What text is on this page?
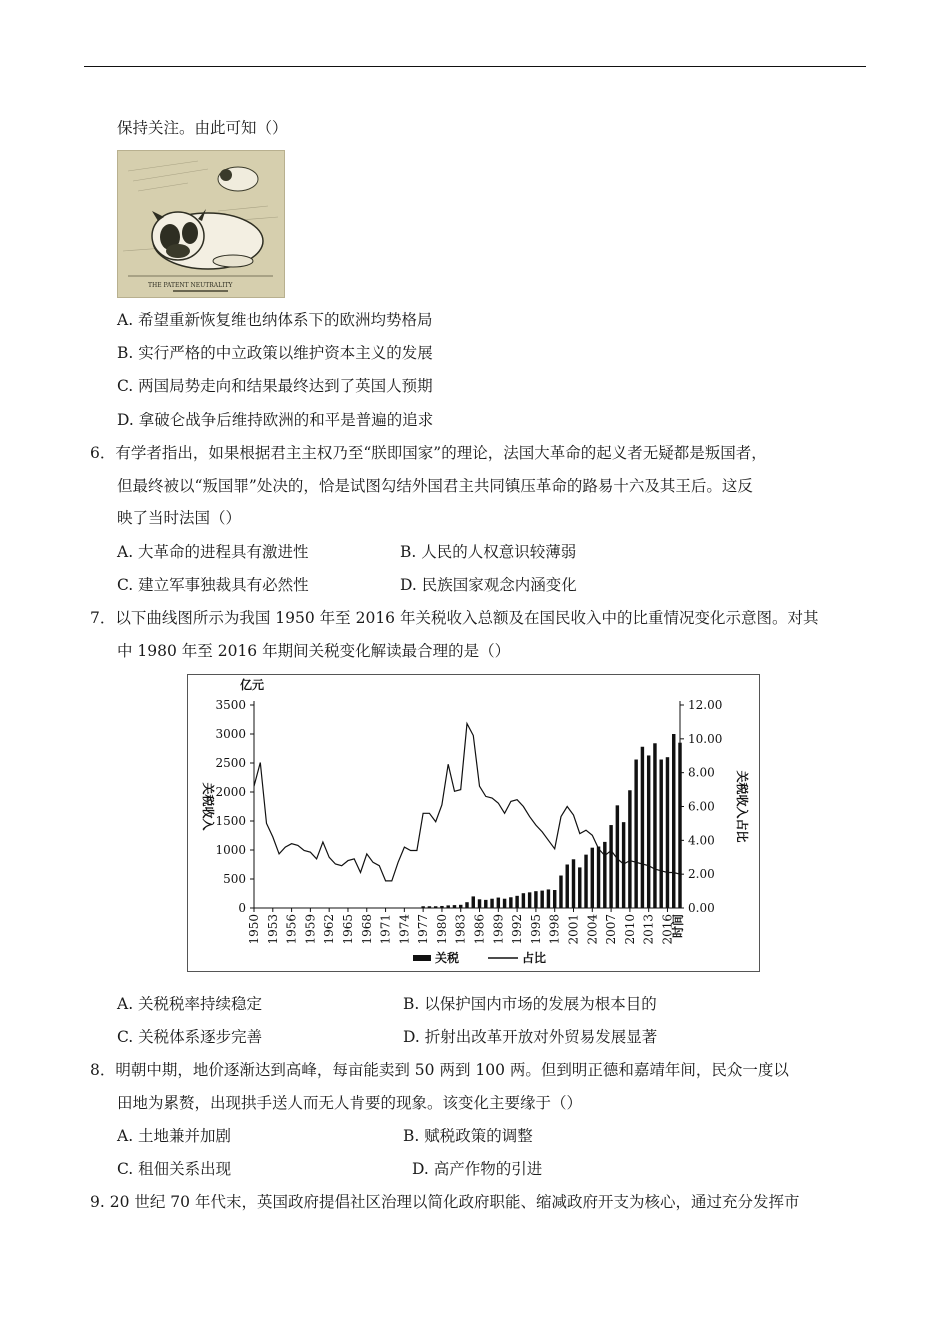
保持关注。由此可知（）
THE PATENT NEUTRALITY
A. 希望重新恢复维也纳体系下的欧洲均势格局
B. 实行严格的中立政策以维护资本主义的发展
C. 两国局势走向和结果最终达到了英国人预期
D. 拿破仑战争后维持欧洲的和平是普遍的追求
6．有学者指出，如果根据君主主权乃至“朕即国家”的理论，法国大革命的起义者无疑都是叛国者，
但最终被以“叛国罪”处决的，恰是试图勾结外国君主共同镇压革命的路易十六及其王后。这反
映了当时法国（）
A. 大革命的进程具有激进性	B. 人民的人权意识较薄弱
C. 建立军事独裁具有必然性	D. 民族国家观念内涵变化
7．以下曲线图所示为我国 1950 年至 2016 年关税收入总额及在国民收入中的比重情况变化示意图。对其
中 1980 年至 2016 年期间关税变化解读最合理的是（）
亿元
3500
3000
2500
2000
1500
1000
500
0
12.00
10.00
8.00
6.00
4.00
2.00
0.00
关税收入	关税收入占比
1950 1953 1956 1959 1962 1965 1968 1971 1974 1977 1980 1983 1986 1989 1992 1995 1998 2001 2004 2007 2010 2013 2016
时间
关税	占比
A. 关税税率持续稳定	B. 以保护国内市场的发展为根本目的
C. 关税体系逐步完善	D. 折射出改革开放对外贸易发展显著
8．明朝中期，地价逐渐达到高峰，每亩能卖到 50 两到 100 两。但到明正德和嘉靖年间，民众一度以
田地为累赘，出现拱手送人而无人肯要的现象。该变化主要缘于（）
A. 土地兼并加剧	B. 赋税政策的调整
C. 租佃关系出现	D. 高产作物的引进
9. 20 世纪 70 年代末，英国政府提倡社区治理以简化政府职能、缩减政府开支为核心，通过充分发挥市
